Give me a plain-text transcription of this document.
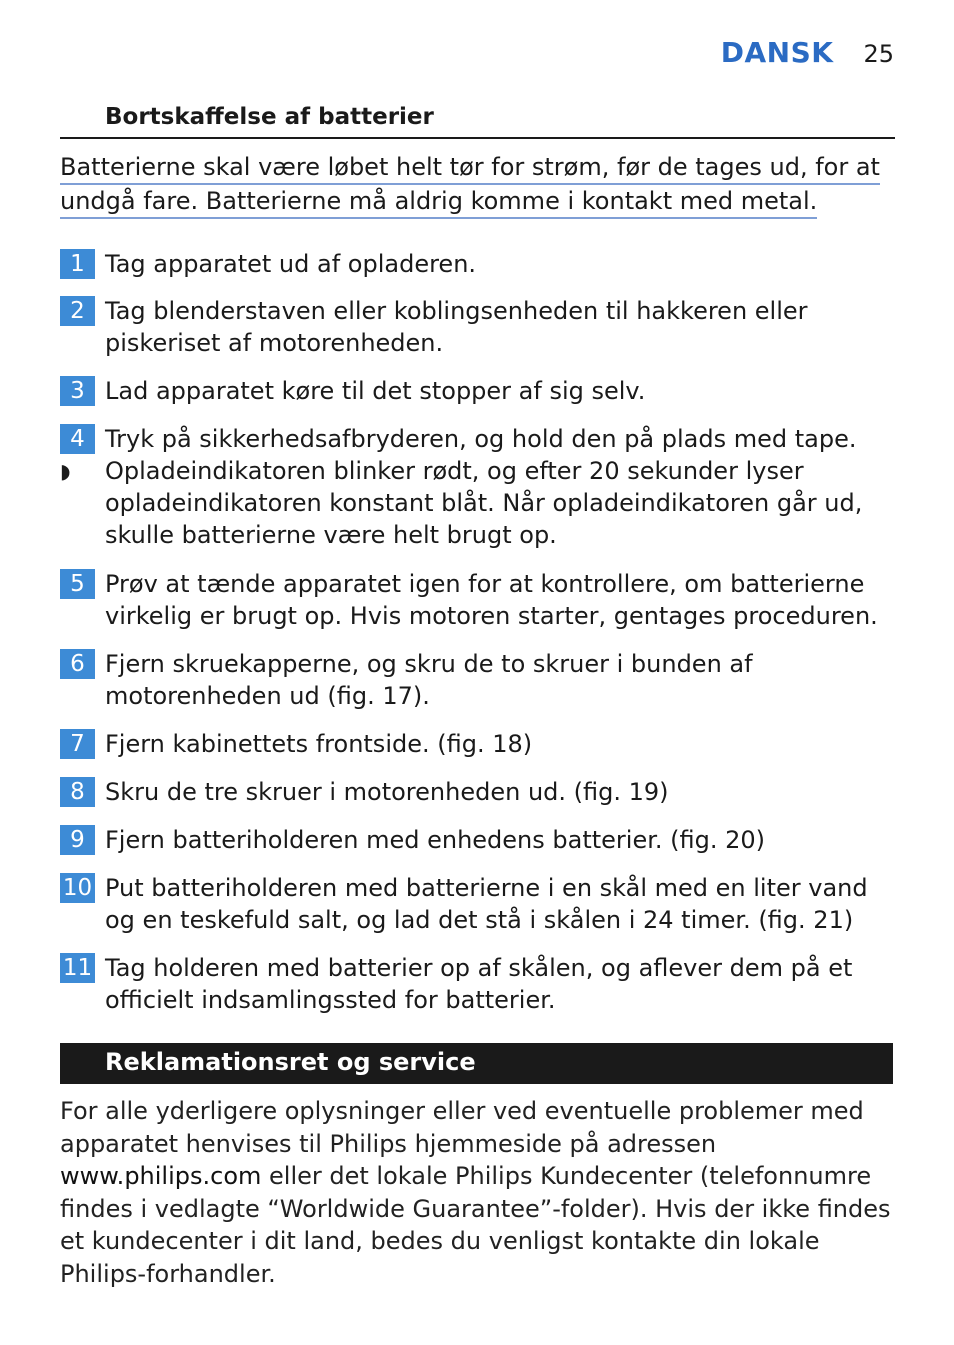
DANSK 25
Bortskaffelse af batterier
Batterierne skal være løbet helt tør for strøm, før de tages ud, for at
undgå fare. Batterierne må aldrig komme i kontakt med metal.
1 Tag apparatet ud af opladeren.
2 Tag blenderstaven eller koblingsenheden til hakkeren eller piskeriset af motorenheden.
3 Lad apparatet køre til det stopper af sig selv.
4 Tryk på sikkerhedsafbryderen, og hold den på plads med tape.
◗ Opladeindikatoren blinker rødt, og efter 20 sekunder lyser opladeindikatoren konstant blåt. Når opladeindikatoren går ud, skulle batterierne være helt brugt op.
5 Prøv at tænde apparatet igen for at kontrollere, om batterierne virkelig er brugt op. Hvis motoren starter, gentages proceduren.
6 Fjern skruekapperne, og skru de to skruer i bunden af motorenheden ud (fig. 17).
7 Fjern kabinettets frontside. (fig. 18)
8 Skru de tre skruer i motorenheden ud. (fig. 19)
9 Fjern batteriholderen med enhedens batterier. (fig. 20)
10 Put batteriholderen med batterierne i en skål med en liter vand og en teskefuld salt, og lad det stå i skålen i 24 timer. (fig. 21)
11 Tag holderen med batterier op af skålen, og aflever dem på et officielt indsamlingssted for batterier.
Reklamationsret og service
For alle yderligere oplysninger eller ved eventuelle problemer med apparatet henvises til Philips hjemmeside på adressen www.philips.com eller det lokale Philips Kundecenter (telefonnumre findes i vedlagte “Worldwide Guarantee”-folder). Hvis der ikke findes et kundecenter i dit land, bedes du venligst kontakte din lokale Philips-forhandler.
